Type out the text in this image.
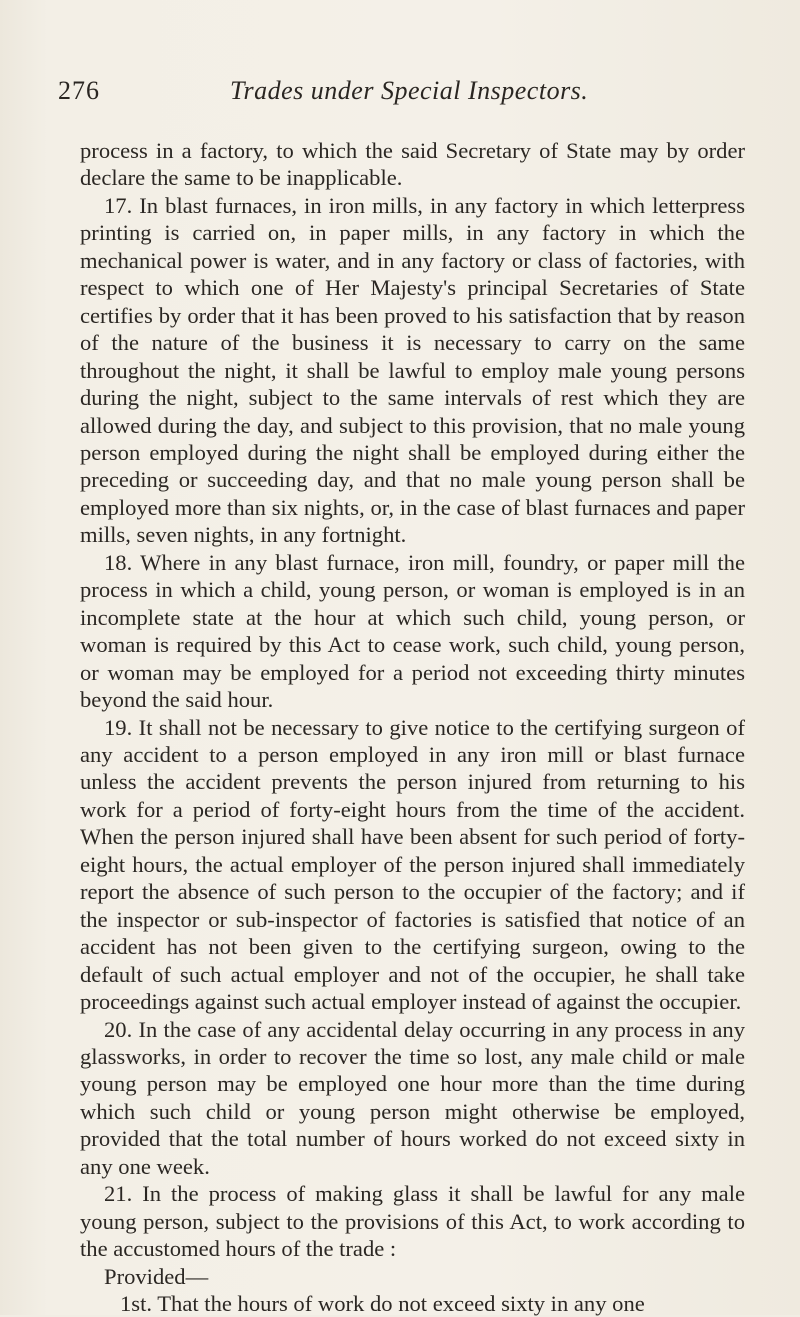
276	Trades under Special Inspectors.

process in a factory, to which the said Secretary of State may by order declare the same to be inapplicable.

17. In blast furnaces, in iron mills, in any factory in which letterpress printing is carried on, in paper mills, in any factory in which the mechanical power is water, and in any factory or class of factories, with respect to which one of Her Majesty's principal Secretaries of State certifies by order that it has been proved to his satisfaction that by reason of the nature of the business it is necessary to carry on the same throughout the night, it shall be lawful to employ male young persons during the night, subject to the same intervals of rest which they are allowed during the day, and subject to this provision, that no male young person employed during the night shall be employed during either the preceding or succeeding day, and that no male young person shall be employed more than six nights, or, in the case of blast furnaces and paper mills, seven nights, in any fortnight.

18. Where in any blast furnace, iron mill, foundry, or paper mill the process in which a child, young person, or woman is employed is in an incomplete state at the hour at which such child, young person, or woman is required by this Act to cease work, such child, young person, or woman may be employed for a period not exceeding thirty minutes beyond the said hour.

19. It shall not be necessary to give notice to the certifying surgeon of any accident to a person employed in any iron mill or blast furnace unless the accident prevents the person injured from returning to his work for a period of forty-eight hours from the time of the accident. When the person injured shall have been absent for such period of forty-eight hours, the actual employer of the person injured shall immediately report the absence of such person to the occupier of the factory; and if the inspector or sub-inspector of factories is satisfied that notice of an accident has not been given to the certifying surgeon, owing to the default of such actual employer and not of the occupier, he shall take proceedings against such actual employer instead of against the occupier.

20. In the case of any accidental delay occurring in any process in any glassworks, in order to recover the time so lost, any male child or male young person may be employed one hour more than the time during which such child or young person might otherwise be employed, provided that the total number of hours worked do not exceed sixty in any one week.

21. In the process of making glass it shall be lawful for any male young person, subject to the provisions of this Act, to work according to the accustomed hours of the trade :

Provided—

1st. That the hours of work do not exceed sixty in any one
